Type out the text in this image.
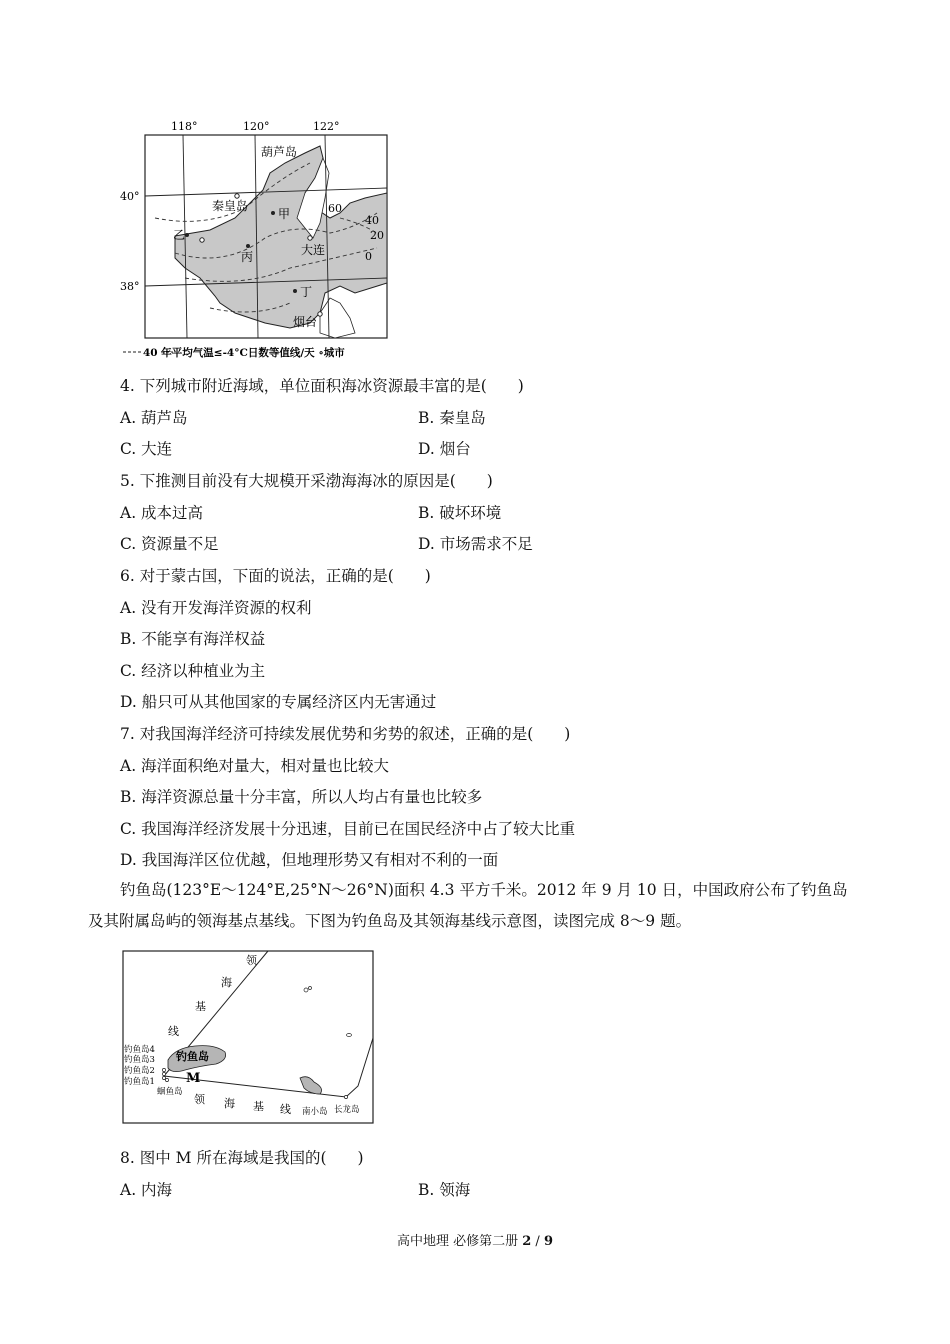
118°	120°	122°
40°
38°
葫芦岛
秦皇岛
甲
乙
丙	大连
丁
烟台
60
40
20
0
40 年平均气温≤-4°C日数等值线/天 ∘城市
4. 下列城市附近海域，单位面积海冰资源最丰富的是(　　)
A. 葫芦岛	B. 秦皇岛
C. 大连	D. 烟台
5. 下推测目前没有大规模开采渤海海冰的原因是(　　)
A. 成本过高	B. 破坏环境
C. 资源量不足	D. 市场需求不足
6. 对于蒙古国，下面的说法，正确的是(　　)
A. 没有开发海洋资源的权利
B. 不能享有海洋权益
C. 经济以种植业为主
D. 船只可从其他国家的专属经济区内无害通过
7. 对我国海洋经济可持续发展优势和劣势的叙述，正确的是(　　)
A. 海洋面积绝对量大，相对量也比较大
B. 海洋资源总量十分丰富，所以人均占有量也比较多
C. 我国海洋经济发展十分迅速，目前已在国民经济中占了较大比重
D. 我国海洋区位优越，但地理形势又有相对不利的一面
钓鱼岛(123°E～124°E,25°N～26°N)面积 4.3 平方千米。2012 年 9 月 10 日，中国政府公布了钓鱼岛及其附属岛屿的领海基点基线。下图为钓鱼岛及其领海基线示意图，读图完成 8～9 题。
领
海
基
线
领 海 基 线
钓鱼岛4
钓鱼岛3
钓鱼岛2
钓鱼岛1
钓鱼岛
M
蛔鱼岛
南小岛 长龙岛
8. 图中 M 所在海域是我国的(　　)
A. 内海	B. 领海
高中地理 必修第二册 2 / 9
